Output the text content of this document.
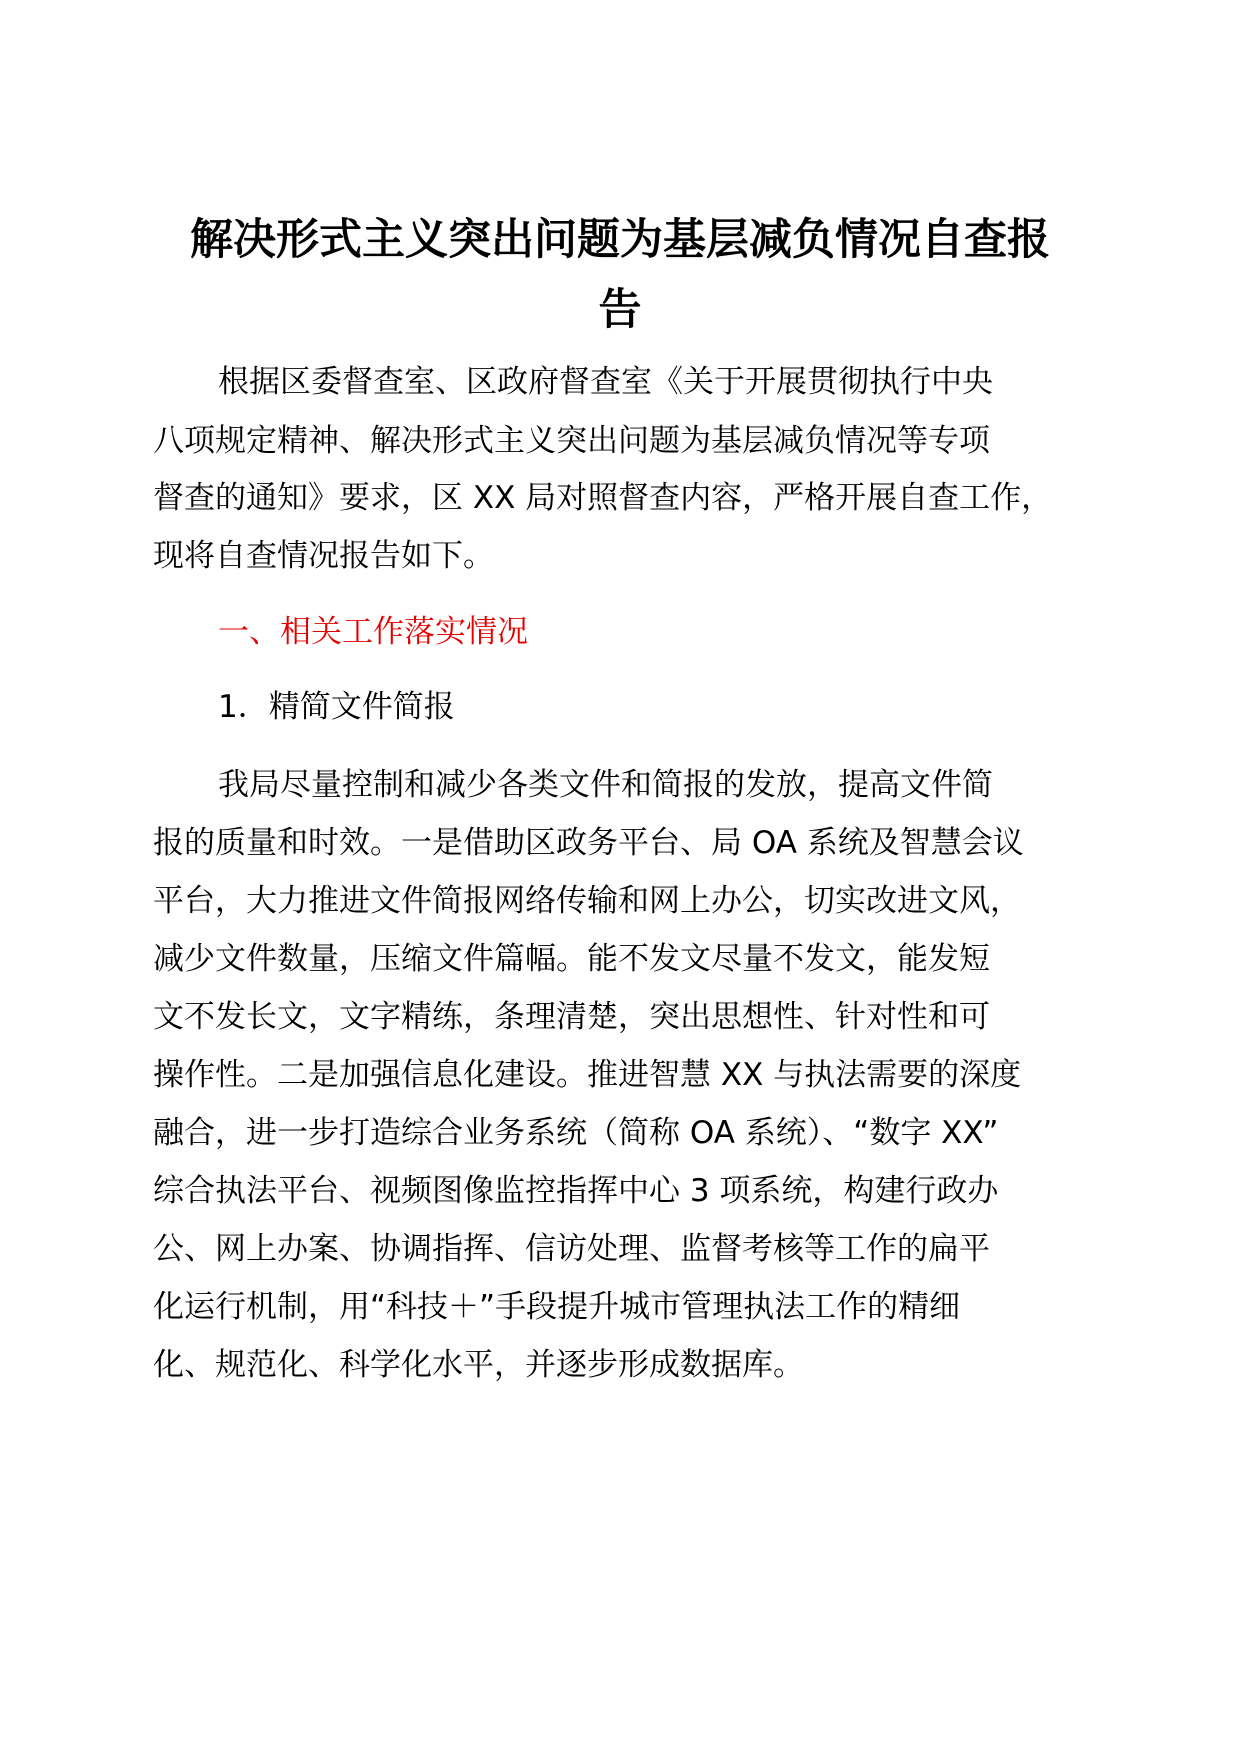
解决形式主义突出问题为基层减负情况自查报
告

根据区委督查室、区政府督查室《关于开展贯彻执行中央

八项规定精神、解决形式主义突出问题为基层减负情况等专项

督查的通知》要求，区 XX 局对照督查内容，严格开展自查工作，

现将自查情况报告如下。

一、相关工作落实情况

1．精简文件简报

我局尽量控制和减少各类文件和简报的发放，提高文件简

报的质量和时效。一是借助区政务平台、局 OA 系统及智慧会议

平台，大力推进文件简报网络传输和网上办公，切实改进文风，

减少文件数量，压缩文件篇幅。能不发文尽量不发文，能发短

文不发长文，文字精练，条理清楚，突出思想性、针对性和可

操作性。二是加强信息化建设。推进智慧 XX 与执法需要的深度

融合，进一步打造综合业务系统（简称 OA 系统）、“数字 XX”

综合执法平台、视频图像监控指挥中心 3 项系统，构建行政办

公、网上办案、协调指挥、信访处理、监督考核等工作的扁平

化运行机制，用“科技＋”手段提升城市管理执法工作的精细

化、规范化、科学化水平，并逐步形成数据库。
